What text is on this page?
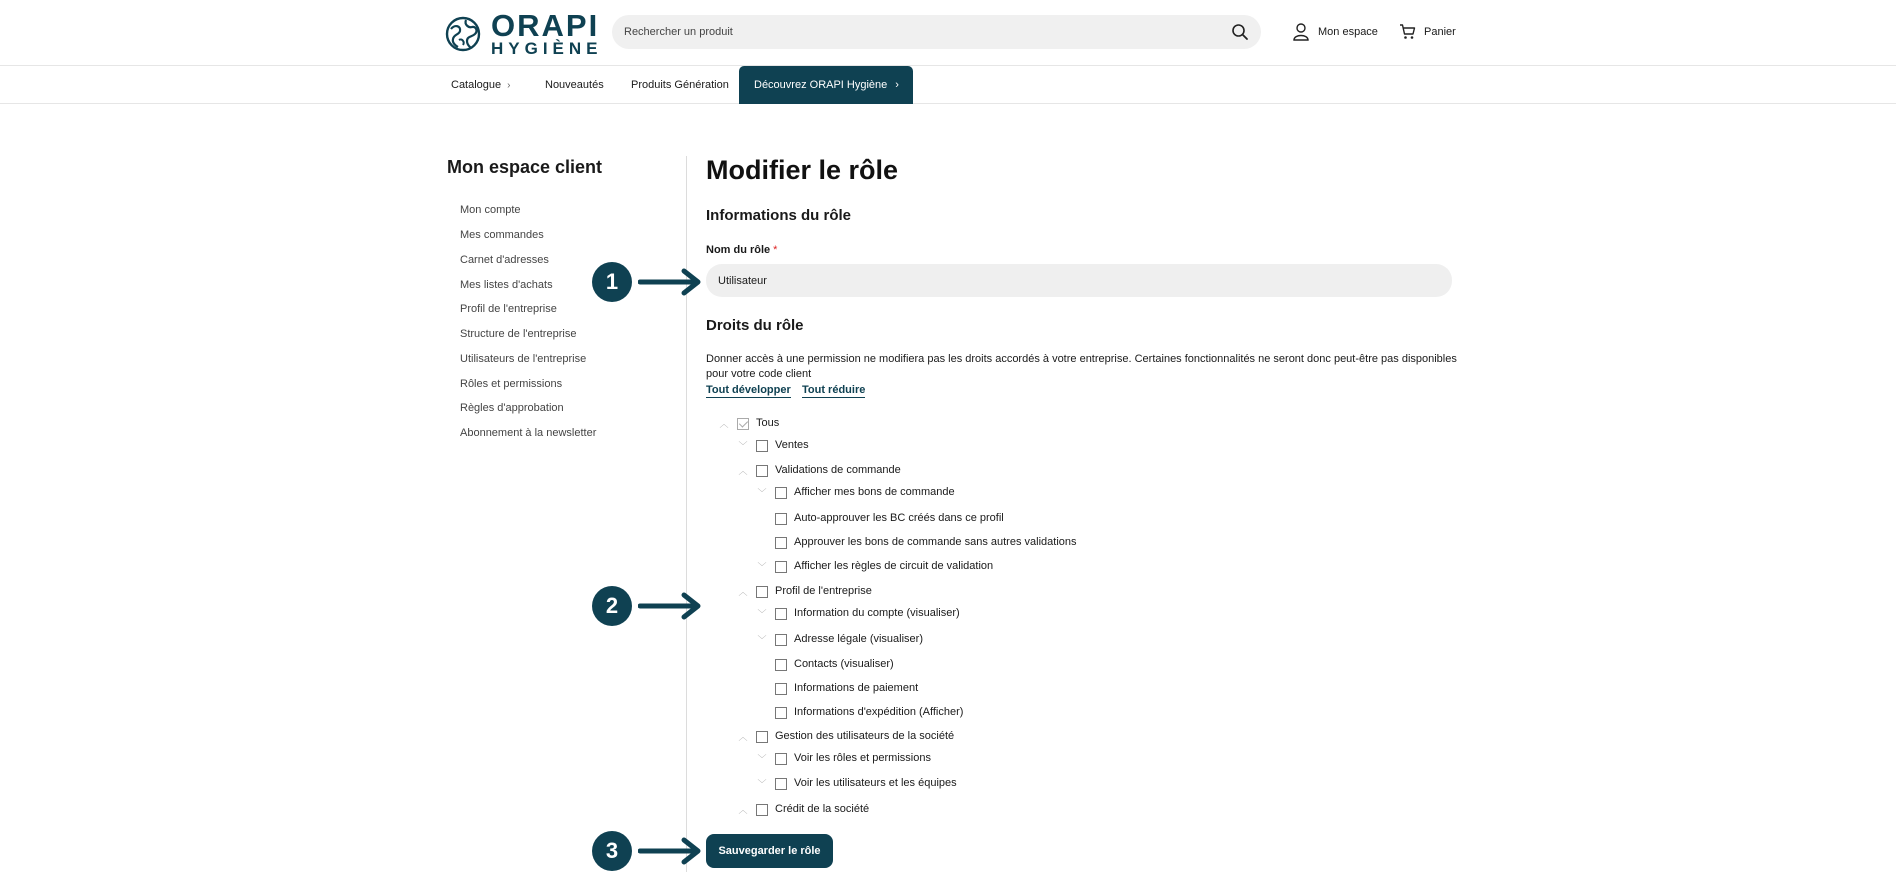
ORAPI
HYGIÈNE
Rechercher un produit
Mon espace	Panier
Catalogue ›	Nouveautés Produits Génération	Découvrez ORAPI Hygiène ›
Mon espace client
Mon compte
Mes commandes
Carnet d'adresses
Mes listes d'achats
Profil de l'entreprise
Structure de l'entreprise
Utilisateurs de l'entreprise
Rôles et permissions
Règles d'approbation
Abonnement à la newsletter
Modifier le rôle
Informations du rôle
Nom du rôle *
Utilisateur
Droits du rôle
Donner accès à une permission ne modifiera pas les droits accordés à votre entreprise. Certaines fonctionnalités ne seront donc peut-être pas disponibles pour votre code client
Tout développer Tout réduire
︿	Tous
﹀	Ventes
︿	Validations de commande
﹀	Afficher mes bons de commande
Auto-approuver les BC créés dans ce profil
Approuver les bons de commande sans autres validations
﹀	Afficher les règles de circuit de validation
︿	Profil de l'entreprise
﹀	Information du compte (visualiser)
﹀	Adresse légale (visualiser)
Contacts (visualiser)
Informations de paiement
Informations d'expédition (Afficher)
︿	Gestion des utilisateurs de la société
﹀	Voir les rôles et permissions
﹀	Voir les utilisateurs et les équipes
︿	Crédit de la société
Sauvegarder le rôle
1
2
3
